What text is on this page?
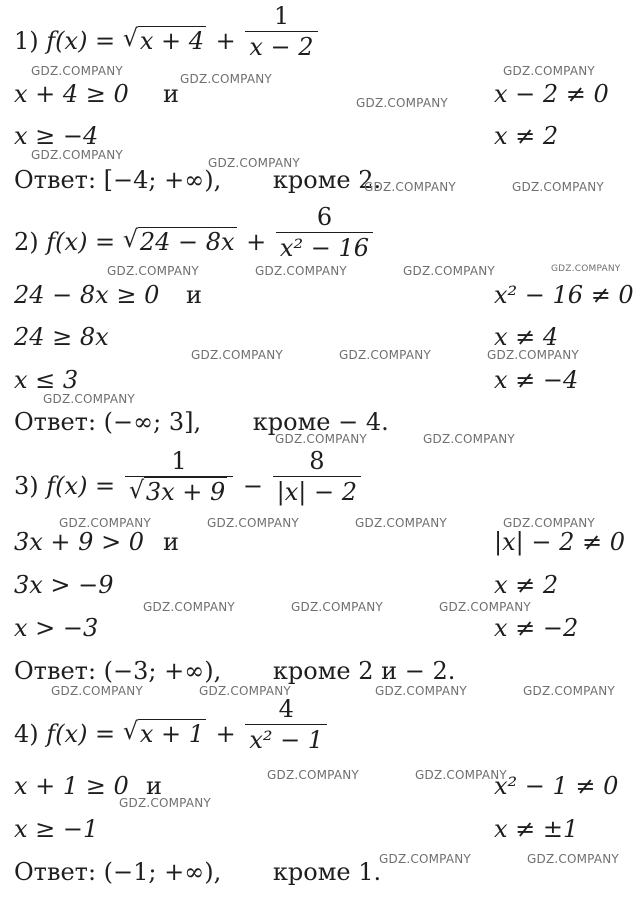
1) f(x) = √ $x + 4 + \frac{1}{x - 2}$
x + 4 ≥ 0 и	x − 2 ≠ 0
x ≥ −4	x ≠ 2
Ответ: [−4; +∞), кроме 2.
2) f(x) = √ $24 - 8x + \frac{6}{\text{x² − 16}}$
24 − 8x ≥ 0 и	x² − 16 ≠ 0
24 ≥ 8x	x ≠ 4
x ≤ 3	x ≠ −4
Ответ: (−∞; 3], кроме − 4.
3) $f(x) = \frac{1}{√ 3x + 9} - \frac{8}{|x| - 2}$
3x + 9 > 0 и	|x| − 2 ≠ 0
3x > −9	x ≠ 2
x > −3	x ≠ −2
Ответ: (−3; +∞), кроме 2 и − 2.
4) f(x) = √ $x + 1 + \frac{4}{\text{x² − 1}}$
x + 1 ≥ 0 и	x² − 1 ≠ 0
x ≥ −1	x ≠ ±1
Ответ: (−1; +∞), кроме 1.
GDZ.COMPANY
GDZ.COMPANY
GDZ.COMPANY
GDZ.COMPANY
GDZ.COMPANY
GDZ.COMPANY
GDZ.COMPANY	GDZ.COMPANY
GDZ.COMPANY	GDZ.COMPANY	GDZ.COMPANY	GDZ.COMPANY
GDZ.COMPANY	GDZ.COMPANY	GDZ.COMPANY
GDZ.COMPANY
GDZ.COMPANY	GDZ.COMPANY
GDZ.COMPANY	GDZ.COMPANY	GDZ.COMPANY	GDZ.COMPANY
GDZ.COMPANY	GDZ.COMPANY	GDZ.COMPANY
GDZ.COMPANY	GDZ.COMPANY	GDZ.COMPANY	GDZ.COMPANY
GDZ.COMPANY	GDZ.COMPANY
GDZ.COMPANY
GDZ.COMPANY	GDZ.COMPANY
